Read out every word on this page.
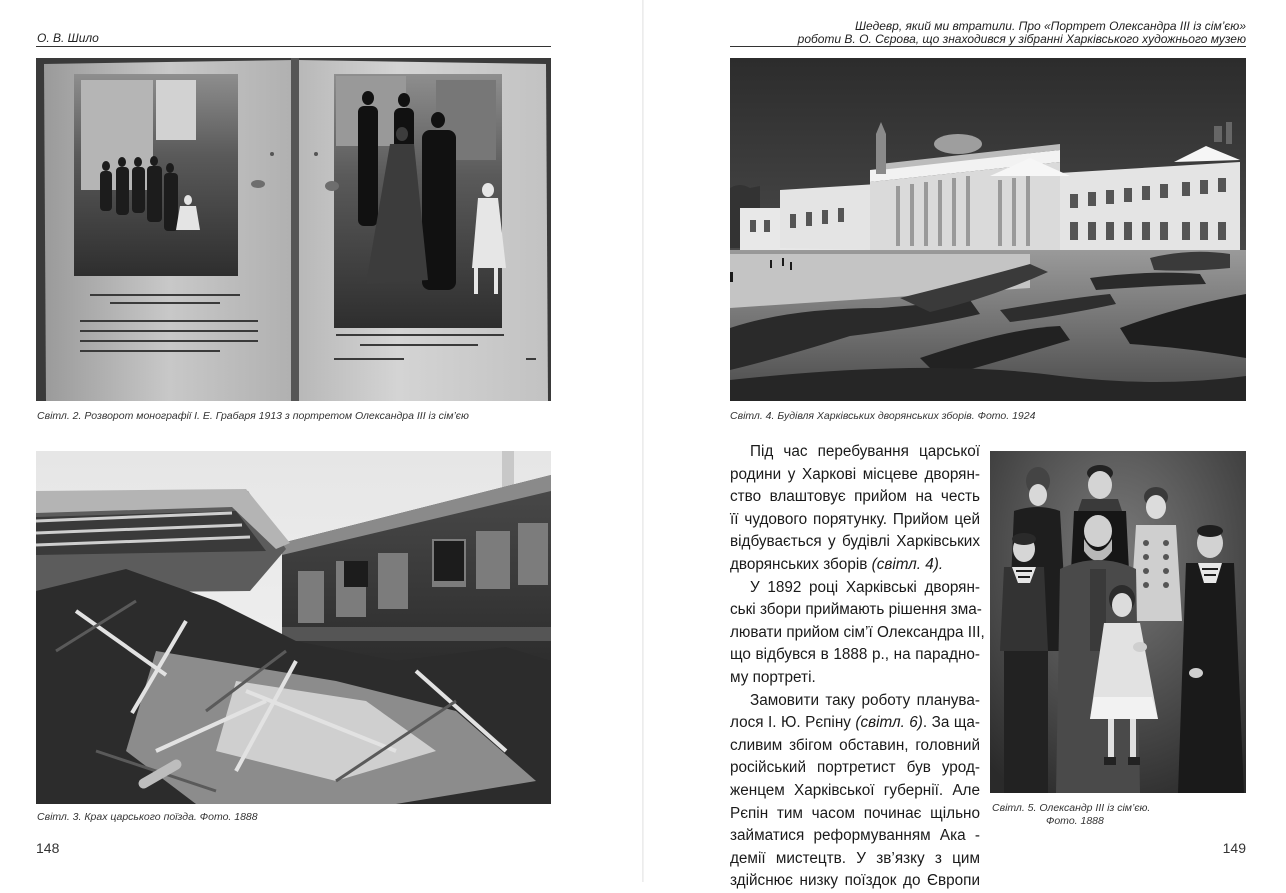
О. В. Шило
Світл. 2. Розворот монографії І. Е. Грабаря 1913 з портретом Олександра ІІІ із сім’єю
Світл. 3. Крах царського поїзда. Фото. 1888
148
Шедевр, який ми втратили. Про «Портрет Олександра ІІІ із сім’єю»
роботи В. О. Сєрова, що знаходився у зібранні Харківського художнього музею
Світл. 4. Будівля Харківських дворянських зборів. Фото. 1924

Під час перебування царської
родини у Харкові місцеве дворян-
ство влаштовує прийом на честь
її чудового порятунку. Прийом цей
відбувається у будівлі Харківських
дворянських зборів (світл. 4).

У 1892 році Харківські дворян-
ські збори приймають рішення зма-
лювати прийом сім’ї Олександра ІІІ,
що відбувся в 1888 р., на парадно-
му портреті.

Замовити таку роботу планува-
лося І. Ю. Рєпіну (світл. 6). За ща-
сливим збігом обставин, головний
російський портретист був урод-
женцем Харківської губернії. Але
Рєпін тим часом починає щільно
займатися реформуванням Ака -
демії мистецтв. У зв’язку з цим
здійснює низку поїздок до Європи

Світл. 5. Олександр ІІІ із сім’єю.
Фото. 1888
149
